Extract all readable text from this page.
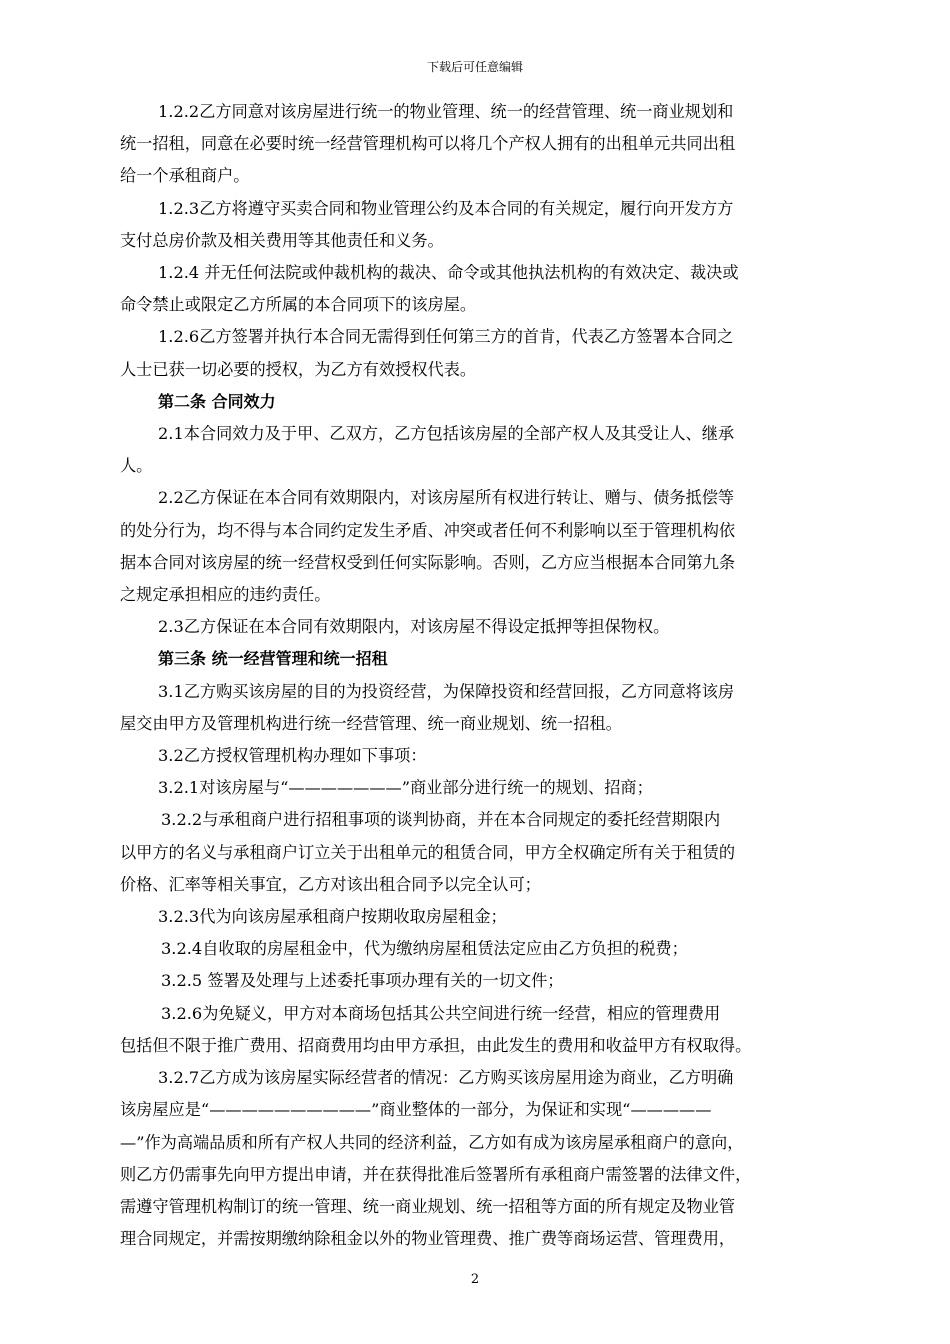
下载后可任意编辑

1.2.2乙方同意对该房屋进行统一的物业管理、统一的经营管理、统一商业规划和

统一招租，同意在必要时统一经营管理机构可以将几个产权人拥有的出租单元共同出租

给一个承租商户。

1.2.3乙方将遵守买卖合同和物业管理公约及本合同的有关规定，履行向开发方方

支付总房价款及相关费用等其他责任和义务。

1.2.4 并无任何法院或仲裁机构的裁决、命令或其他执法机构的有效决定、裁决或

命令禁止或限定乙方所属的本合同项下的该房屋。

1.2.6乙方签署并执行本合同无需得到任何第三方的首肯，代表乙方签署本合同之

人士已获一切必要的授权，为乙方有效授权代表。

第二条 合同效力

2.1本合同效力及于甲、乙双方，乙方包括该房屋的全部产权人及其受让人、继承

人。

2.2乙方保证在本合同有效期限内，对该房屋所有权进行转让、赠与、债务抵偿等

的处分行为，均不得与本合同约定发生矛盾、冲突或者任何不利影响以至于管理机构依

据本合同对该房屋的统一经营权受到任何实际影响。否则，乙方应当根据本合同第九条

之规定承担相应的违约责任。

2.3乙方保证在本合同有效期限内，对该房屋不得设定抵押等担保物权。

第三条 统一经营管理和统一招租

3.1乙方购买该房屋的目的为投资经营，为保障投资和经营回报，乙方同意将该房

屋交由甲方及管理机构进行统一经营管理、统一商业规划、统一招租。

3.2乙方授权管理机构办理如下事项：

3.2.1对该房屋与“———————”商业部分进行统一的规划、招商；

3.2.2与承租商户进行招租事项的谈判协商，并在本合同规定的委托经营期限内

以甲方的名义与承租商户订立关于出租单元的租赁合同，甲方全权确定所有关于租赁的

价格、汇率等相关事宜，乙方对该出租合同予以完全认可；

3.2.3代为向该房屋承租商户按期收取房屋租金；

3.2.4自收取的房屋租金中，代为缴纳房屋租赁法定应由乙方负担的税费；

3.2.5 签署及处理与上述委托事项办理有关的一切文件；

3.2.6为免疑义，甲方对本商场包括其公共空间进行统一经营，相应的管理费用

包括但不限于推广费用、招商费用均由甲方承担，由此发生的费用和收益甲方有权取得。

3.2.7乙方成为该房屋实际经营者的情况：乙方购买该房屋用途为商业，乙方明确

该房屋应是“——————————”商业整体的一部分，为保证和实现“—————

—”作为高端品质和所有产权人共同的经济利益，乙方如有成为该房屋承租商户的意向，

则乙方仍需事先向甲方提出申请，并在获得批准后签署所有承租商户需签署的法律文件，

需遵守管理机构制订的统一管理、统一商业规划、统一招租等方面的所有规定及物业管

理合同规定，并需按期缴纳除租金以外的物业管理费、推广费等商场运营、管理费用，

2
